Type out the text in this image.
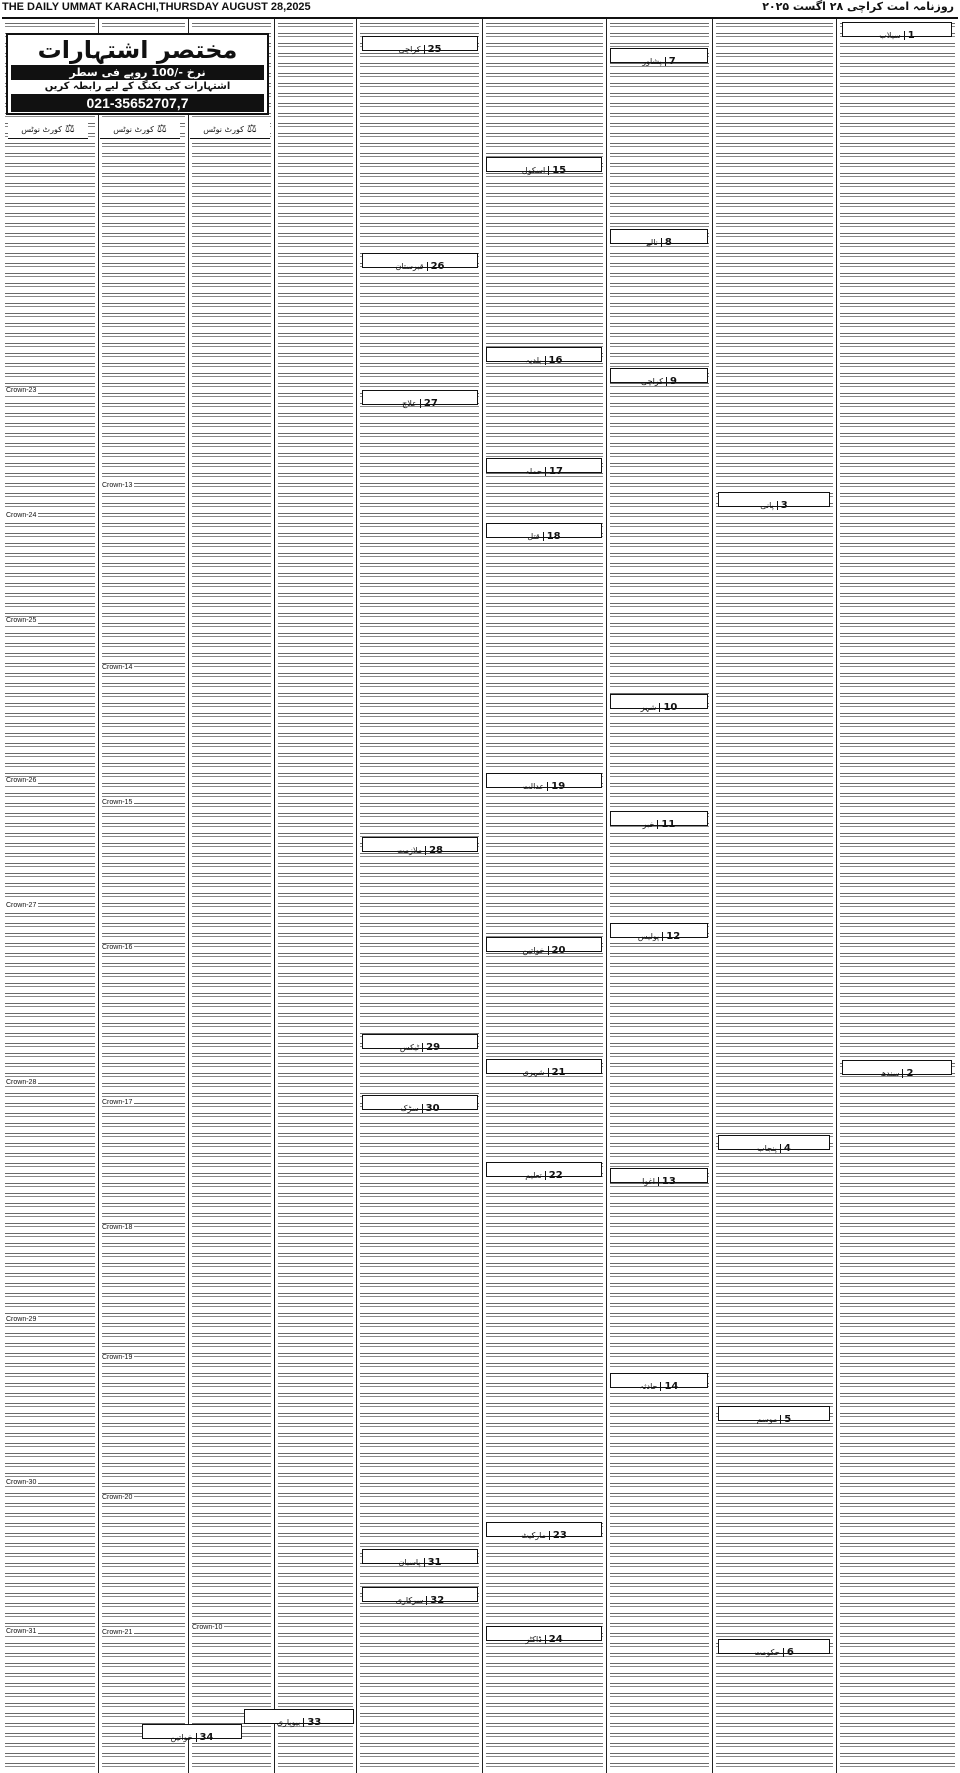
THE DAILY UMMAT KARACHI,THURSDAY AUGUST 28,2025	روزنامہ امت کراچی ۲۸ اگست ۲۰۲۵
مختصر اشتہارات
نرخ -/100 روپے فی سطر
اشتہارات کی بکنگ کے لیے رابطہ کریں
021-35652707,7
⚖کورٹ نوٹس	⚖کورٹ نوٹس	⚖کورٹ نوٹس
Crown-23
Crown-24
Crown-25
Crown-26
Crown-27
Crown-28
Crown-29
Crown-30
Crown-31
Crown-13
Crown-14
Crown-15
Crown-16
Crown-17
Crown-18
Crown-19
Crown-20
Crown-21
Crown-10
1سیلاب
2سندھ
3پانی
4پنجاب
5موسم
6حکومت
7پشاور
8نالے
9کراچی
10شہر
11خبر
12پولیس
13اغوا
14حادثہ
15اسکول
16بلدیہ
17حملہ
18قتل
19عدالت
20خواتین
21شہری
22تعلیم
23مارکیٹ
24ڈاکٹر
25کراچی
26قبرستان
27علاج
28ملازمت
29ٹیکس
30سڑک
31پاسبان
32سرکاری
33بیوپاری
34خواتین
